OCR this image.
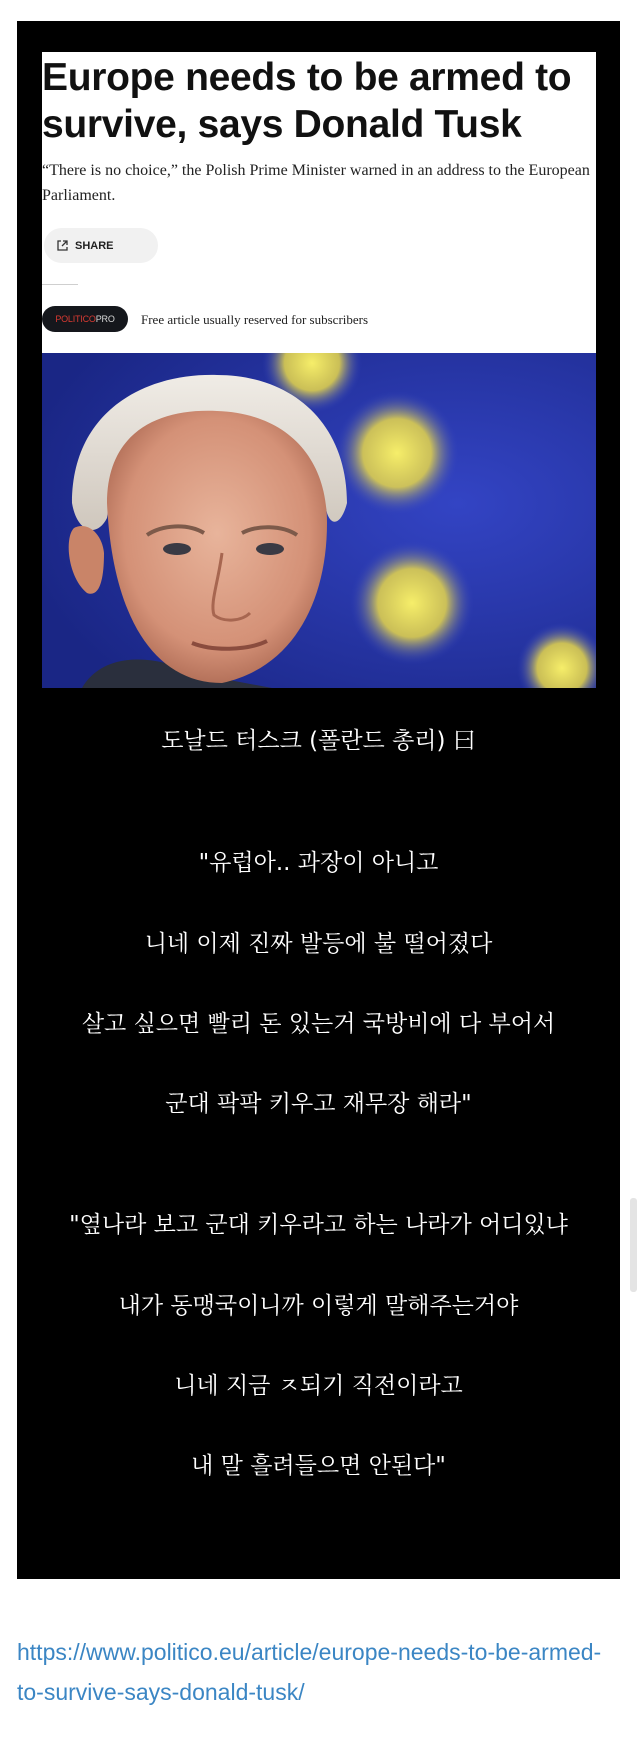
Europe needs to be armed to survive, says Donald Tusk

“There is no choice,” the Polish Prime Minister warned in an address to the European Parliament.

SHARE
POLITICO PRO Free article usually reserved for subscribers
도날드 터스크 (폴란드 총리) 曰
"유럽아.. 과장이 아니고
니네 이제 진짜 발등에 불 떨어졌다
살고 싶으면 빨리 돈 있는거 국방비에 다 부어서
군대 팍팍 키우고 재무장 해라"
"옆나라 보고 군대 키우라고 하는 나라가 어디있냐
내가 동맹국이니까 이렇게 말해주는거야
니네 지금 ㅈ되기 직전이라고
내 말 흘려들으면 안된다"
https://www.politico.eu/article/europe-needs-to-be-armed-to-survive-says-donald-tusk/
